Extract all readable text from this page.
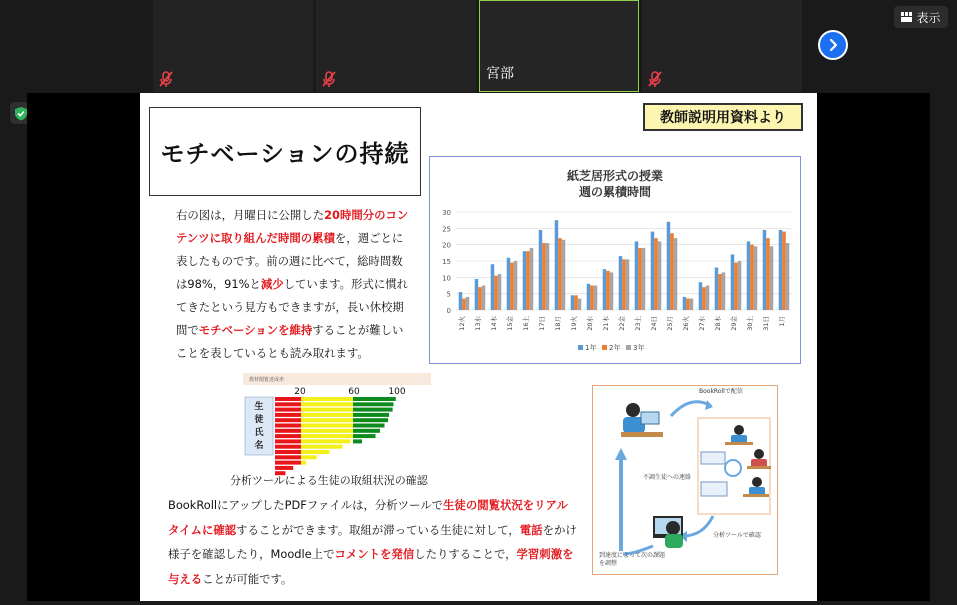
宮部
表示
モチベーションの持続
教師説明用資料より
右の図は，月曜日に公開した20時間分のコンテンツに取り組んだ時間の累積を，週ごとに表したものです。前の週に比べて，総時間数は98%，91%と減少しています。形式に慣れてきたという見方もできますが，長い休校期間でモチベーションを維持することが難しいことを表しているとも読み取れます。
紙芝居形式の授業
週の累積時間
0
5
10
15
20
25
30
12火 13水 14木 15金 16土 17日 18月 19火 20水 21木 22金 23土 24日 25月 26火 27水 28木 29金 30土 31日 1月
1年 2年 3年
教材閲覧達成率
20	60	100
生
徒
氏
名
分析ツールによる生徒の取組状況の確認
BookRollで配信
不調生徒への連絡
分析ツールで確認
到達度によって次の課題を調整
BookRollにアップしたPDFファイルは，分析ツールで生徒の閲覧状況をリアルタイムに確認することができます。取組が滞っている生徒に対して，電話をかけ様子を確認したり，Moodle上でコメントを発信したりすることで，学習刺激を与えることが可能です。
